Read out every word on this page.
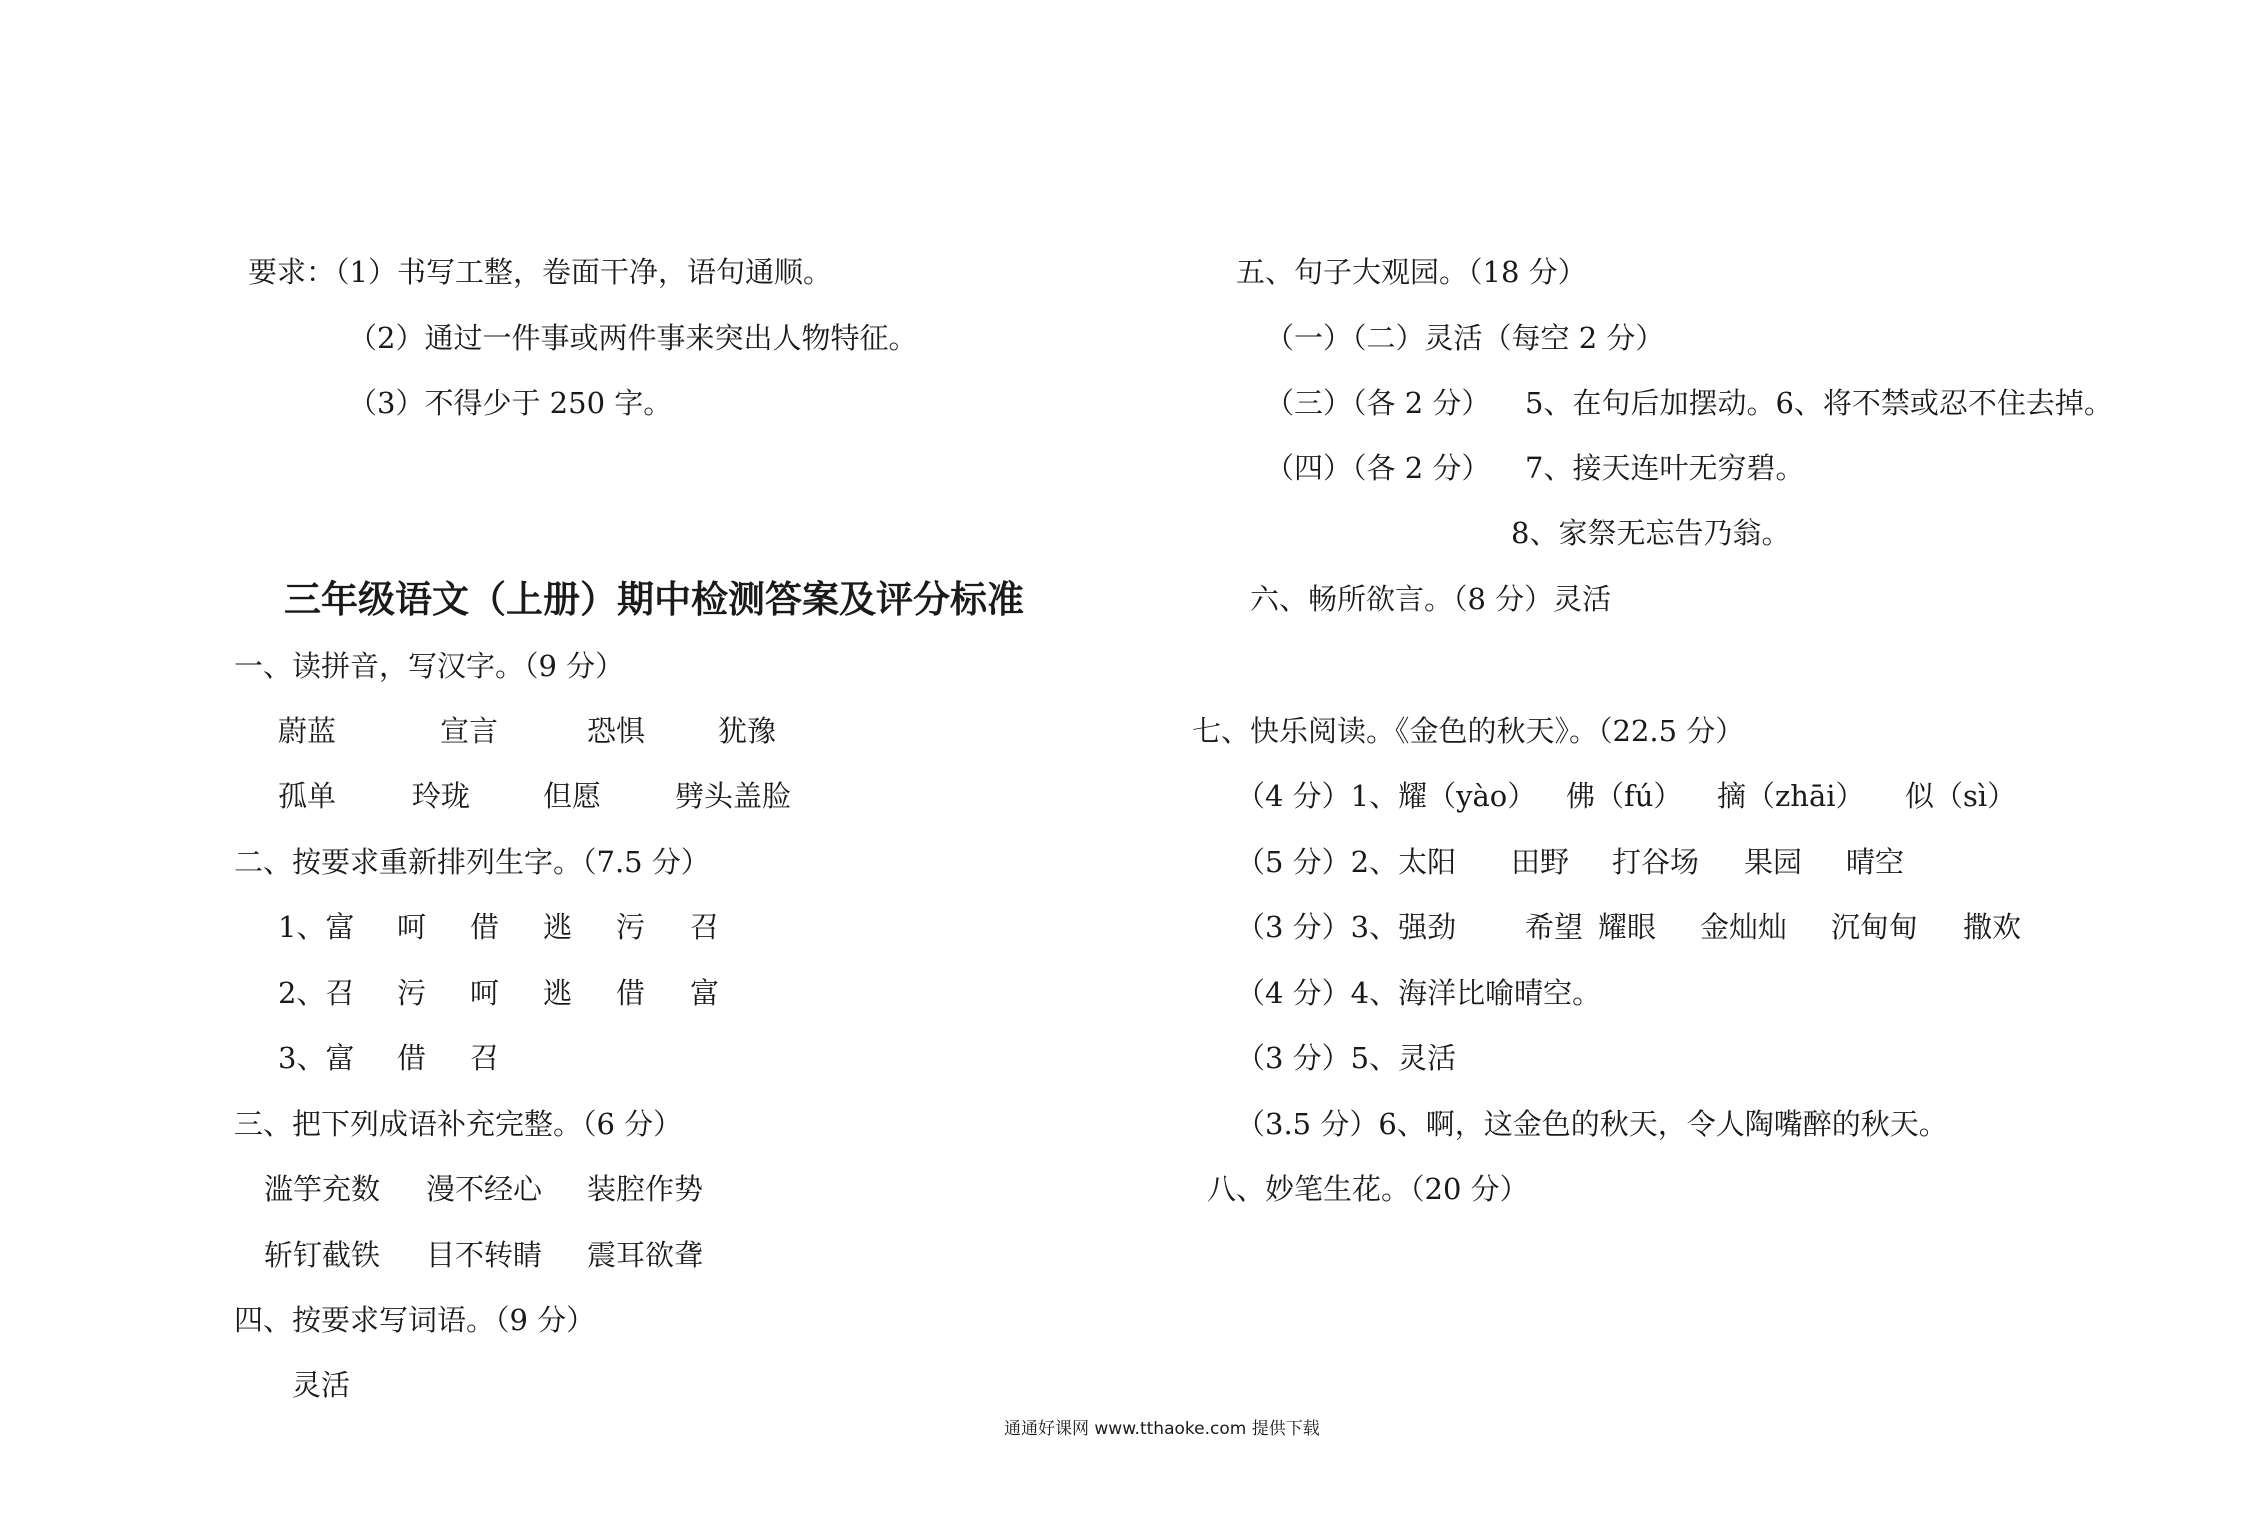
要求：（1）书写工整，卷面干净，语句通顺。
（2）通过一件事或两件事来突出人物特征。
（3）不得少于 250 字。
三年级语文（上册）期中检测答案及评分标准
一、读拼音，写汉字。（9 分）
蔚蓝	宣言	恐惧	犹豫
孤单	玲珑	但愿	劈头盖脸
二、按要求重新排列生字。（7.5 分）
1、富 呵 借 逃 污 召
2、召 污 呵 逃 借 富
3、富 借 召
三、把下列成语补充完整。（6 分）
滥竽充数 漫不经心 装腔作势
斩钉截铁 目不转睛 震耳欲聋
四、按要求写词语。（9 分）
灵活
五、句子大观园。（18 分）
（一）（二）灵活（每空 2 分）
（三）（各 2 分） 5、在句后加摆动。6、将不禁或忍不住去掉。
（四）（各 2 分） 7、接天连叶无穷碧。
8、家祭无忘告乃翁。
六、畅所欲言。（8 分）灵活
七、快乐阅读。《金色的秋天》。（22.5 分）
（4 分）1、耀（yào） 佛（fú） 摘（zhāi） 似（sì）
（5 分）2、太阳 田野 打谷场 果园 晴空
（3 分）3、强劲 希望 耀眼 金灿灿 沉甸甸 撒欢
（4 分）4、海洋比喻晴空。
（3 分）5、灵活
（3.5 分）6、啊，这金色的秋天，令人陶嘴醉的秋天。
八、妙笔生花。（20 分）
通通好课网 www.tthaoke.com 提供下载
